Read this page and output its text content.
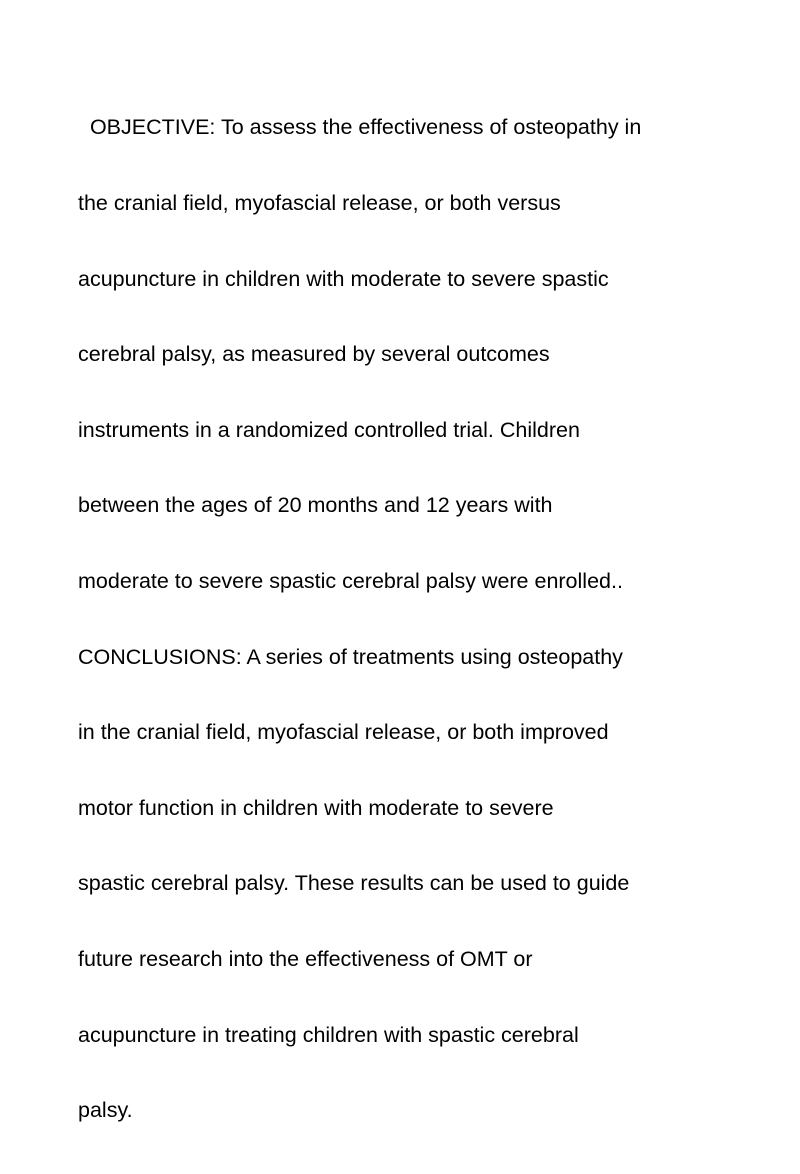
OBJECTIVE: To assess the effectiveness of osteopathy in

the cranial field, myofascial release, or both versus

acupuncture in children with moderate to severe spastic

cerebral palsy, as measured by several outcomes

instruments in a randomized controlled trial. Children

between the ages of 20 months and 12 years with

moderate to severe spastic cerebral palsy were enrolled..

CONCLUSIONS: A series of treatments using osteopathy

in the cranial field, myofascial release, or both improved

motor function in children with moderate to severe

spastic cerebral palsy. These results can be used to guide

future research into the effectiveness of OMT or

acupuncture in treating children with spastic cerebral

palsy.
